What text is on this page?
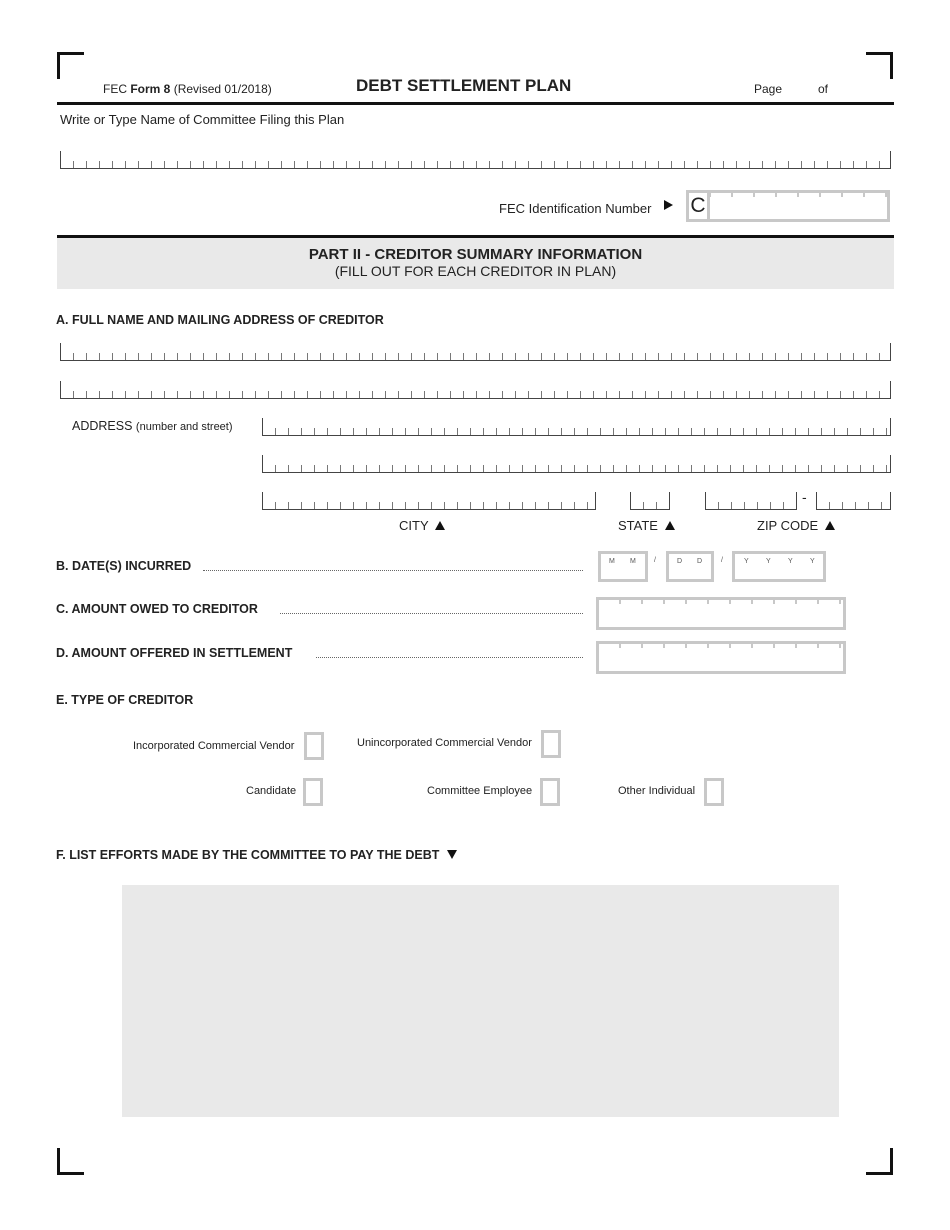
FEC Form 8 (Revised 01/2018)	DEBT SETTLEMENT PLAN	Page	of
Write or Type Name of Committee Filing this Plan
FEC Identification Number C
PART II - CREDITOR SUMMARY INFORMATION
(FILL OUT FOR EACH CREDITOR IN PLAN)
A. FULL NAME AND MAILING ADDRESS OF CREDITOR
ADDRESS (number and street)
-
CITY	STATE	ZIP CODE
B. DATE(S) INCURRED	M M	/	D D	/	Y Y Y Y
C. AMOUNT OWED TO CREDITOR
D. AMOUNT OFFERED IN SETTLEMENT
E. TYPE OF CREDITOR
Incorporated Commercial Vendor	Unincorporated Commercial Vendor
Candidate	Committee Employee	Other Individual
F. LIST EFFORTS MADE BY THE COMMITTEE TO PAY THE DEBT
